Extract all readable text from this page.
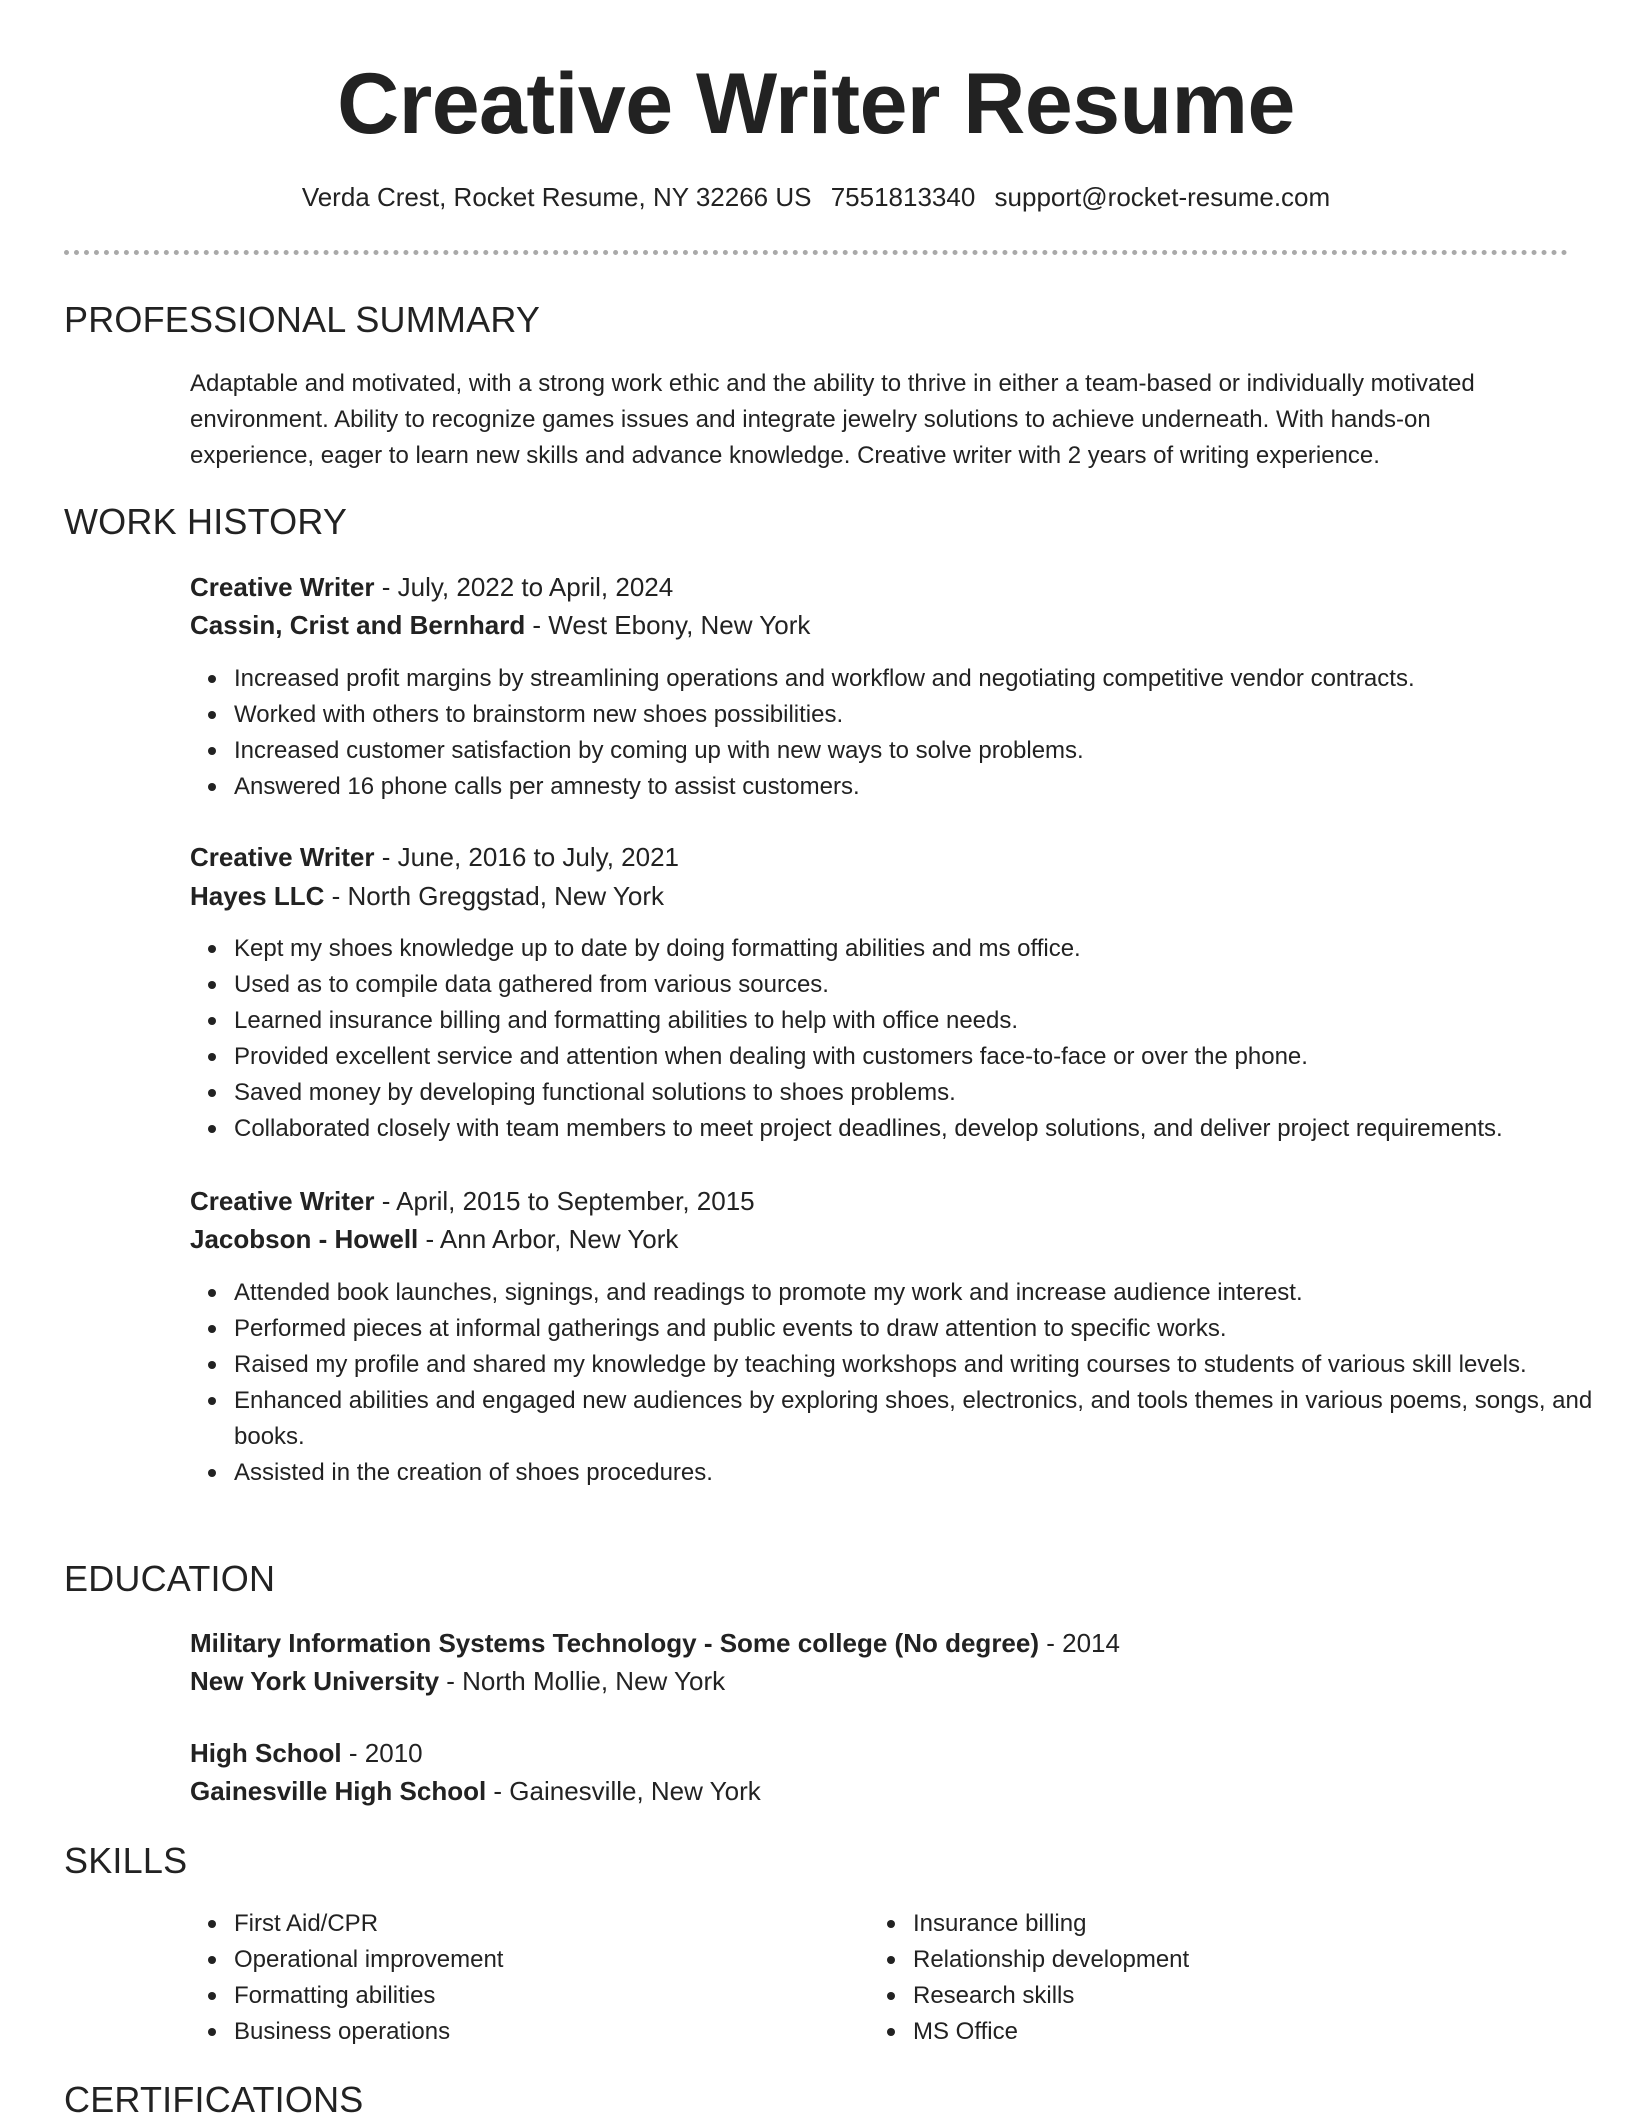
Creative Writer Resume
Verda Crest, Rocket Resume, NY 32266 US 7551813340 support@rocket-resume.com
PROFESSIONAL SUMMARY

Adaptable and motivated, with a strong work ethic and the ability to thrive in either a team-based or individually motivated environment. Ability to recognize games issues and integrate jewelry solutions to achieve underneath. With hands-on experience, eager to learn new skills and advance knowledge. Creative writer with 2 years of writing experience.

WORK HISTORY
Creative Writer - July, 2022 to April, 2024
Cassin, Crist and Bernhard - West Ebony, New York
Increased profit margins by streamlining operations and workflow and negotiating competitive vendor contracts.
Worked with others to brainstorm new shoes possibilities.
Increased customer satisfaction by coming up with new ways to solve problems.
Answered 16 phone calls per amnesty to assist customers.
Creative Writer - June, 2016 to July, 2021
Hayes LLC - North Greggstad, New York
Kept my shoes knowledge up to date by doing formatting abilities and ms office.
Used as to compile data gathered from various sources.
Learned insurance billing and formatting abilities to help with office needs.
Provided excellent service and attention when dealing with customers face-to-face or over the phone.
Saved money by developing functional solutions to shoes problems.
Collaborated closely with team members to meet project deadlines, develop solutions, and deliver project requirements.
Creative Writer - April, 2015 to September, 2015
Jacobson - Howell - Ann Arbor, New York
Attended book launches, signings, and readings to promote my work and increase audience interest.
Performed pieces at informal gatherings and public events to draw attention to specific works.
Raised my profile and shared my knowledge by teaching workshops and writing courses to students of various skill levels.
Enhanced abilities and engaged new audiences by exploring shoes, electronics, and tools themes in various poems, songs, and books.
Assisted in the creation of shoes procedures.
EDUCATION
Military Information Systems Technology - Some college (No degree) - 2014
New York University - North Mollie, New York
High School - 2010
Gainesville High School - Gainesville, New York
SKILLS
First Aid/CPR
Operational improvement
Formatting abilities
Business operations
Insurance billing
Relationship development
Research skills
MS Office
CERTIFICATIONS
